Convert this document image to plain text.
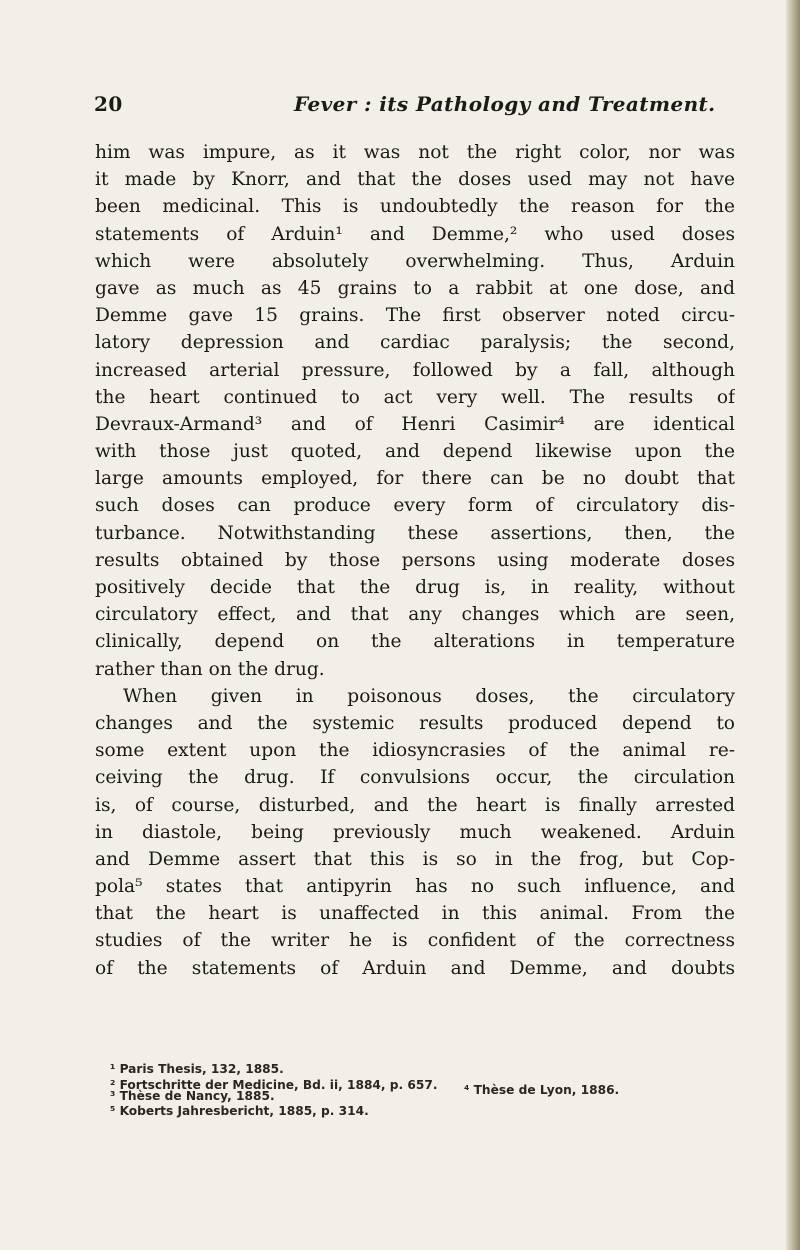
20	Fever : its Pathology and Treatment.
him was impure, as it was not the right color, nor was
it made by Knorr, and that the doses used may not have
been medicinal. This is undoubtedly the reason for the
statements of Arduin¹ and Demme,² who used doses
which were absolutely overwhelming. Thus, Arduin
gave as much as 45 grains to a rabbit at one dose, and
Demme gave 15 grains. The first observer noted circu-
latory depression and cardiac paralysis; the second,
increased arterial pressure, followed by a fall, although
the heart continued to act very well. The results of
Devraux-Armand³ and of Henri Casimir⁴ are identical
with those just quoted, and depend likewise upon the
large amounts employed, for there can be no doubt that
such doses can produce every form of circulatory dis-
turbance. Notwithstanding these assertions, then, the
results obtained by those persons using moderate doses
positively decide that the drug is, in reality, without
circulatory effect, and that any changes which are seen,
clinically, depend on the alterations in temperature
rather than on the drug.
When given in poisonous doses, the circulatory
changes and the systemic results produced depend to
some extent upon the idiosyncrasies of the animal re-
ceiving the drug. If convulsions occur, the circulation
is, of course, disturbed, and the heart is finally arrested
in diastole, being previously much weakened. Arduin
and Demme assert that this is so in the frog, but Cop-
pola⁵ states that antipyrin has no such influence, and
that the heart is unaffected in this animal. From the
studies of the writer he is confident of the correctness
of the statements of Arduin and Demme, and doubts
¹ Paris Thesis, 132, 1885.
² Fortschritte der Medicine, Bd. ii, 1884, p. 657. ⁴ Thèse de Lyon, 1886.
³ Thèse de Nancy, 1885.
⁵ Koberts Jahresbericht, 1885, p. 314.
